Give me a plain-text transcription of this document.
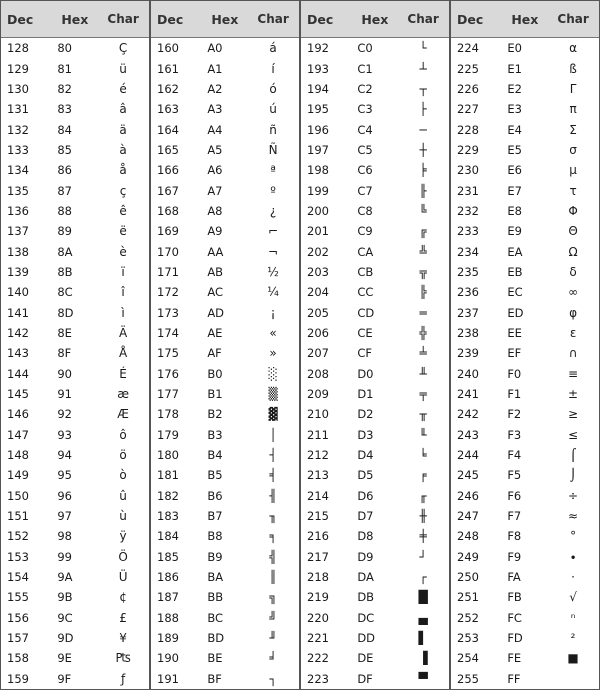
Dec	Hex	Char
128	80	Ç
129	81	ü
130	82	é
131	83	â
132	84	ä
133	85	à
134	86	å
135	87	ç
136	88	ê
137	89	ë
138	8A	è
139	8B	ï
140	8C	î
141	8D	ì
142	8E	Ä
143	8F	Å
144	90	É
145	91	æ
146	92	Æ
147	93	ô
148	94	ö
149	95	ò
150	96	û
151	97	ù
152	98	ÿ
153	99	Ö
154	9A	Ü
155	9B	¢
156	9C	£
157	9D	¥
158	9E	₧
159	9F	ƒ
Dec	Hex	Char
160	A0	á
161	A1	í
162	A2	ó
163	A3	ú
164	A4	ñ
165	A5	Ñ
166	A6	ª
167	A7	º
168	A8	¿
169	A9	⌐
170	AA	¬
171	AB	½
172	AC	¼
173	AD	¡
174	AE	«
175	AF	»
176	B0	░
177	B1	▒
178	B2	▓
179	B3	│
180	B4	┤
181	B5	╡
182	B6	╢
183	B7	╖
184	B8	╕
185	B9	╣
186	BA	║
187	BB	╗
188	BC	╝
189	BD	╜
190	BE	╛
191	BF	┐
Dec	Hex	Char
192	C0	└
193	C1	┴
194	C2	┬
195	C3	├
196	C4	─
197	C5	┼
198	C6	╞
199	C7	╟
200	C8	╚
201	C9	╔
202	CA	╩
203	CB	╦
204	CC	╠
205	CD	═
206	CE	╬
207	CF	╧
208	D0	╨
209	D1	╤
210	D2	╥
211	D3	╙
212	D4	╘
213	D5	╒
214	D6	╓
215	D7	╫
216	D8	╪
217	D9	┘
218	DA	┌
219	DB	█
220	DC	▄
221	DD	▌
222	DE	▐
223	DF	▀
Dec	Hex	Char
224	E0	α
225	E1	ß
226	E2	Γ
227	E3	π
228	E4	Σ
229	E5	σ
230	E6	µ
231	E7	τ
232	E8	Φ
233	E9	Θ
234	EA	Ω
235	EB	δ
236	EC	∞
237	ED	φ
238	EE	ε
239	EF	∩
240	F0	≡
241	F1	±
242	F2	≥
243	F3	≤
244	F4	⌠
245	F5	⌡
246	F6	÷
247	F7	≈
248	F8	°
249	F9	∙
250	FA	·
251	FB	√
252	FC	ⁿ
253	FD	²
254	FE	■
255	FF
